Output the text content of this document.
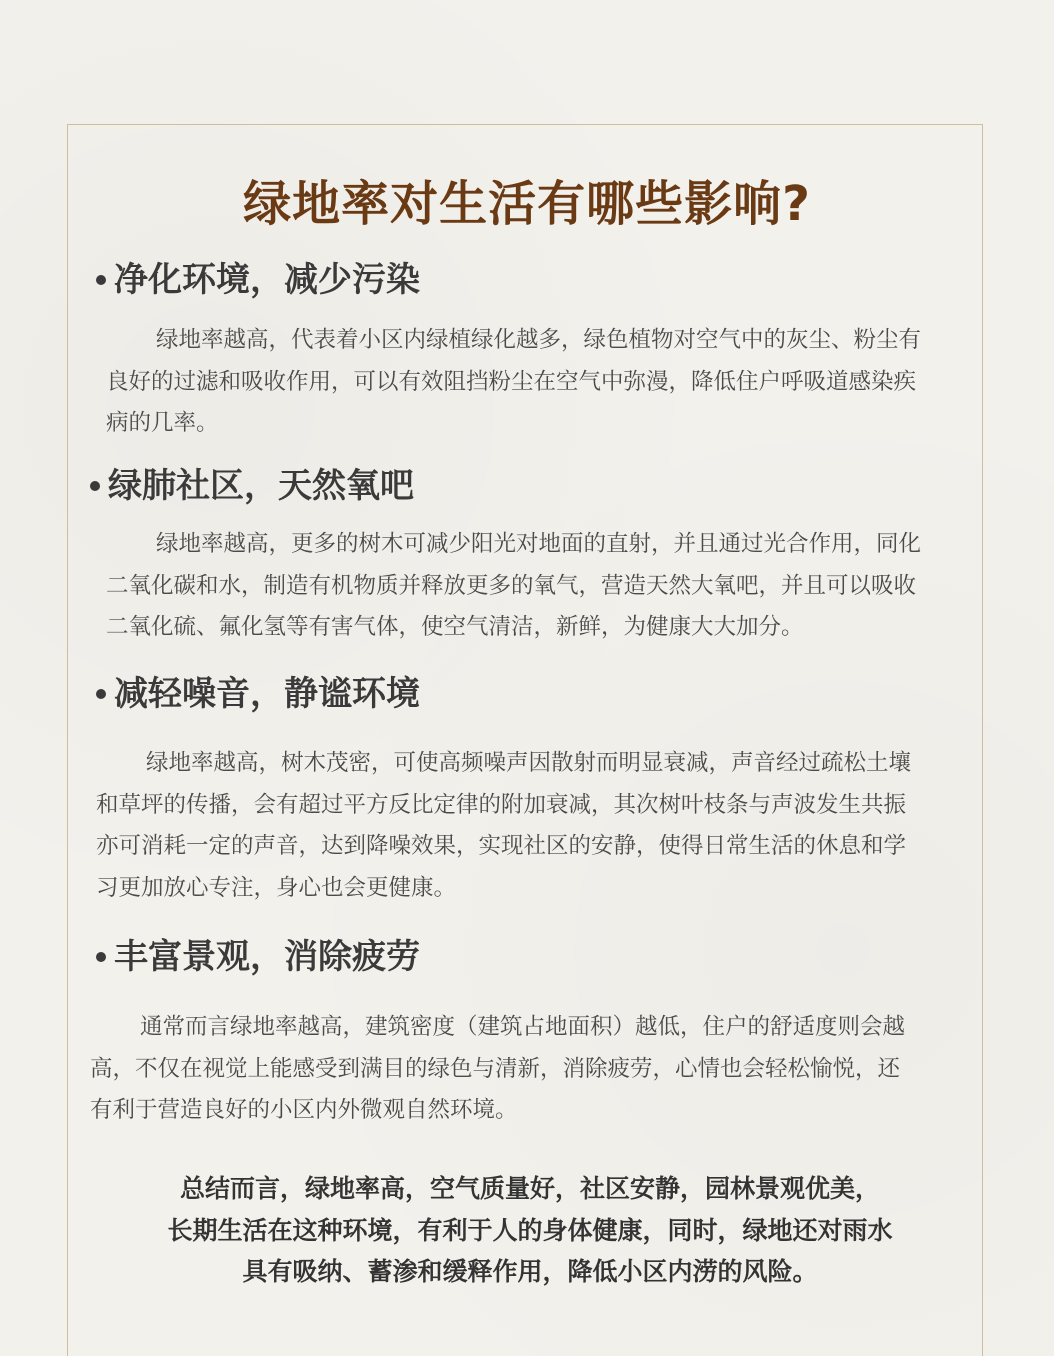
绿地率对生活有哪些影响?
净化环境，减少污染
绿地率越高，代表着小区内绿植绿化越多，绿色植物对空气中的灰尘、粉尘有
良好的过滤和吸收作用，可以有效阻挡粉尘在空气中弥漫，降低住户呼吸道感染疾
病的几率。
绿肺社区，天然氧吧
绿地率越高，更多的树木可减少阳光对地面的直射，并且通过光合作用，同化
二氧化碳和水，制造有机物质并释放更多的氧气，营造天然大氧吧，并且可以吸收
二氧化硫、氟化氢等有害气体，使空气清洁，新鲜，为健康大大加分。
减轻噪音，静谧环境
绿地率越高，树木茂密，可使高频噪声因散射而明显衰减，声音经过疏松土壤
和草坪的传播，会有超过平方反比定律的附加衰减，其次树叶枝条与声波发生共振
亦可消耗一定的声音，达到降噪效果，实现社区的安静，使得日常生活的休息和学
习更加放心专注，身心也会更健康。
丰富景观，消除疲劳
通常而言绿地率越高，建筑密度（建筑占地面积）越低，住户的舒适度则会越
高，不仅在视觉上能感受到满目的绿色与清新，消除疲劳，心情也会轻松愉悦，还
有利于营造良好的小区内外微观自然环境。
总结而言，绿地率高，空气质量好，社区安静，园林景观优美，
长期生活在这种环境，有利于人的身体健康，同时，绿地还对雨水
具有吸纳、蓄渗和缓释作用，降低小区内涝的风险。
